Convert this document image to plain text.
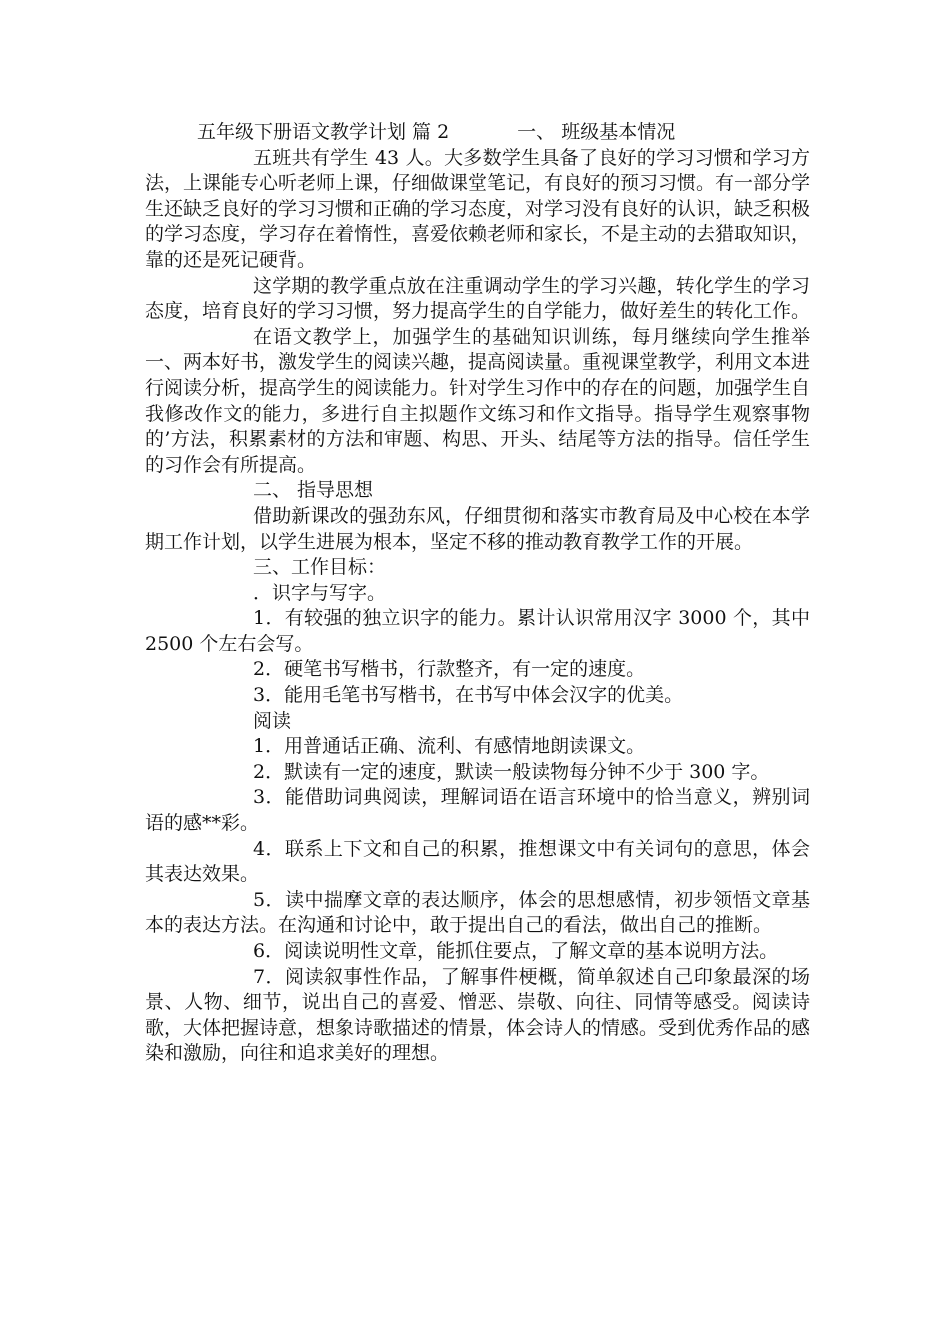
五年级下册语文教学计划 篇 2	一、 班级基本情况

五班共有学生 43 人。大多数学生具备了良好的学习习惯和学习方法，上课能专心听老师上课，仔细做课堂笔记，有良好的预习习惯。有一部分学生还缺乏良好的学习习惯和正确的学习态度，对学习没有良好的认识，缺乏积极的学习态度，学习存在着惰性，喜爱依赖老师和家长，不是主动的去猎取知识，靠的还是死记硬背。

这学期的教学重点放在注重调动学生的学习兴趣，转化学生的学习态度，培育良好的学习习惯，努力提高学生的自学能力，做好差生的转化工作。

在语文教学上，加强学生的基础知识训练，每月继续向学生推举一、两本好书，激发学生的阅读兴趣，提高阅读量。重视课堂教学，利用文本进行阅读分析，提高学生的阅读能力。针对学生习作中的存在的问题，加强学生自我修改作文的能力，多进行自主拟题作文练习和作文指导。指导学生观察事物的’方法，积累素材的方法和审题、构思、开头、结尾等方法的指导。信任学生的习作会有所提高。

二、 指导思想

借助新课改的强劲东风，仔细贯彻和落实市教育局及中心校在本学期工作计划，以学生进展为根本，坚定不移的推动教育教学工作的开展。

三、工作目标：

．识字与写字。

1．有较强的独立识字的能力。累计认识常用汉字 3000 个，其中 2500 个左右会写。

2．硬笔书写楷书，行款整齐，有一定的速度。

3．能用毛笔书写楷书，在书写中体会汉字的优美。

阅读

1．用普通话正确、流利、有感情地朗读课文。

2．默读有一定的速度，默读一般读物每分钟不少于 300 字。

3．能借助词典阅读，理解词语在语言环境中的恰当意义，辨别词语的感**彩。

4．联系上下文和自己的积累，推想课文中有关词句的意思，体会其表达效果。

5．读中揣摩文章的表达顺序，体会的思想感情，初步领悟文章基本的表达方法。在沟通和讨论中，敢于提出自己的看法，做出自己的推断。

6．阅读说明性文章，能抓住要点，了解文章的基本说明方法。

7．阅读叙事性作品，了解事件梗概，简单叙述自己印象最深的场景、人物、细节，说出自己的喜爱、憎恶、崇敬、向往、同情等感受。阅读诗歌，大体把握诗意，想象诗歌描述的情景，体会诗人的情感。受到优秀作品的感染和激励，向往和追求美好的理想。
